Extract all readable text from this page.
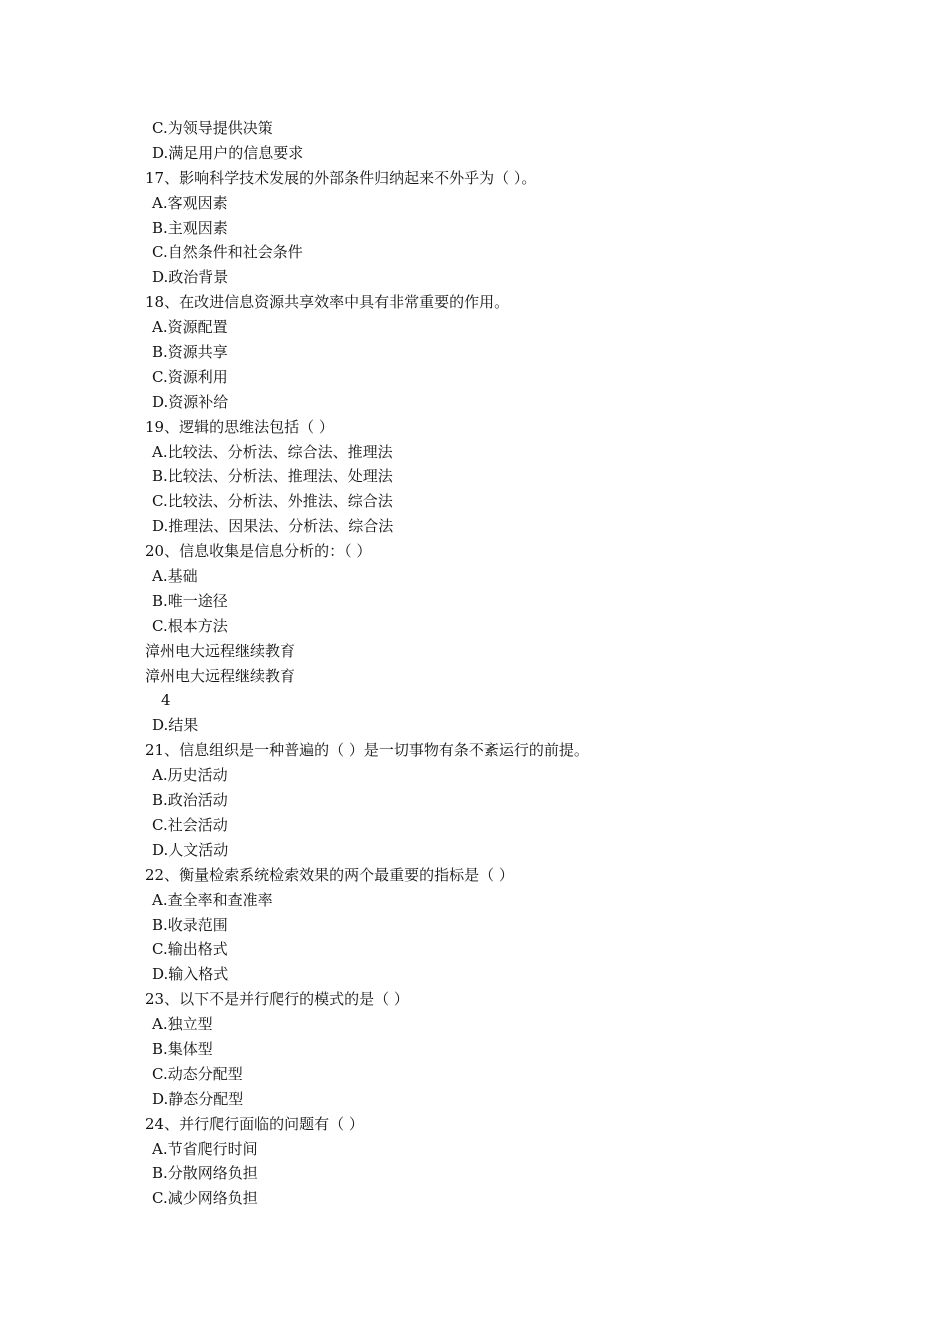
C.为领导提供决策
D.满足用户的信息要求
17、影响科学技术发展的外部条件归纳起来不外乎为（ ）。
A.客观因素
B.主观因素
C.自然条件和社会条件
D.政治背景
18、在改进信息资源共享效率中具有非常重要的作用。
A.资源配置
B.资源共享
C.资源利用
D.资源补给
19、逻辑的思维法包括（ ）
A.比较法、分析法、综合法、推理法
B.比较法、分析法、推理法、处理法
C.比较法、分析法、外推法、综合法
D.推理法、因果法、分析法、综合法
20、信息收集是信息分析的：（ ）
A.基础
B.唯一途径
C.根本方法
漳州电大远程继续教育
漳州电大远程继续教育
4
D.结果
21、信息组织是一种普遍的（ ）是一切事物有条不紊运行的前提。
A.历史活动
B.政治活动
C.社会活动
D.人文活动
22、衡量检索系统检索效果的两个最重要的指标是（ ）
A.查全率和查准率
B.收录范围
C.输出格式
D.输入格式
23、以下不是并行爬行的模式的是（ ）
A.独立型
B.集体型
C.动态分配型
D.静态分配型
24、并行爬行面临的问题有（ ）
A.节省爬行时间
B.分散网络负担
C.减少网络负担
